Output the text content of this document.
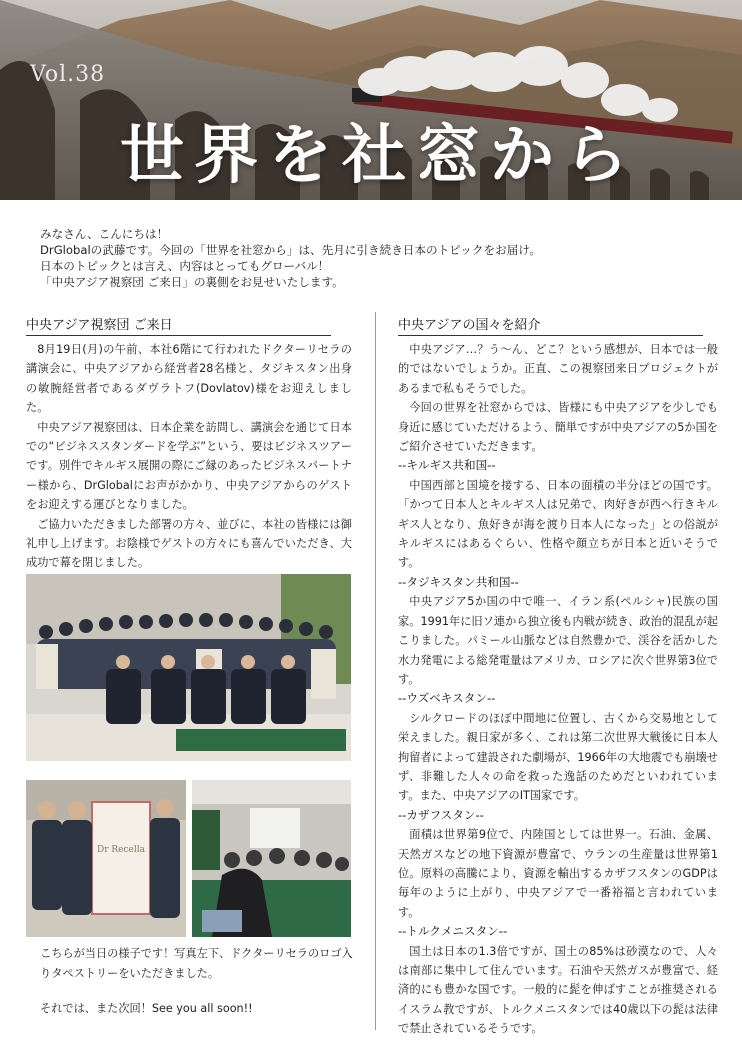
Vol.38
世界を社窓から

みなさん、こんにちは！

DrGlobalの武藤です。今回の「世界を社窓から」は、先月に引き続き日本のトピックをお届け。

日本のトピックとは言え、内容はとってもグローバル！

「中央アジア視察団 ご来日」の裏側をお見せいたします。

中央アジア視察団 ご来日

8月19日(月)の午前、本社6階にて行われたドクターリセラの講演会に、中央アジアから経営者28名様と、タジキスタン出身の敏腕経営者であるダヴラトフ(Dovlatov)様をお迎えしました。

中央アジア視察団は、日本企業を訪問し、講演会を通じて日本での“ビジネススタンダードを学ぶ”という、要はビジネスツアーです。別件でキルギス展開の際にご縁のあったビジネスパートナー様から、DrGlobalにお声がかかり、中央アジアからのゲストをお迎えする運びとなりました。

ご協力いただきました部署の方々、並びに、本社の皆様には御礼申し上げます。お陰様でゲストの方々にも喜んでいただき、大成功で幕を閉じました。

Dr Recella
こちらが当日の様子です！写真左下、ドクターリセラのロゴ入りタペストリーをいただきました。
それでは、また次回！See you all soon!!
中央アジアの国々を紹介

中央アジア…？う〜ん、どこ？という感想が、日本では一般的ではないでしょうか。正直、この視察団来日プロジェクトがあるまで私もそうでした。

今回の世界を社窓からでは、皆様にも中央アジアを少しでも身近に感じていただけるよう、簡単ですが中央アジアの5か国をご紹介させていただきます。

--キルギス共和国--

中国西部と国境を接する、日本の面積の半分ほどの国です。「かつて日本人とキルギス人は兄弟で、肉好きが西へ行きキルギス人となり、魚好きが海を渡り日本人になった」との俗説がキルギスにはあるぐらい、性格や顔立ちが日本と近いそうです。

--タジキスタン共和国--

中央アジア5か国の中で唯一、イラン系(ペルシャ)民族の国家。1991年に旧ソ連から独立後も内戦が続き、政治的混乱が起こりました。パミール山脈などは自然豊かで、渓谷を活かした水力発電による総発電量はアメリカ、ロシアに次ぐ世界第3位です。

--ウズベキスタン--

シルクロードのほぼ中間地に位置し、古くから交易地として栄えました。親日家が多く、これは第二次世界大戦後に日本人拘留者によって建設された劇場が、1966年の大地震でも崩壊せず、非難した人々の命を救った逸話のためだといわれています。また、中央アジアのIT国家です。

--カザフスタン--

面積は世界第9位で、内陸国としては世界一。石油、金属、天然ガスなどの地下資源が豊富で、ウランの生産量は世界第1位。原料の高騰により、資源を輸出するカザフスタンのGDPは毎年のように上がり、中央アジアで一番裕福と言われています。

--トルクメニスタン--

国土は日本の1.3倍ですが、国土の85%は砂漠なので、人々は南部に集中して住んでいます。石油や天然ガスが豊富で、経済的にも豊かな国です。一般的に髭を伸ばすことが推奨されるイスラム教ですが、トルクメニスタンでは40歳以下の髭は法律で禁止されているそうです。
